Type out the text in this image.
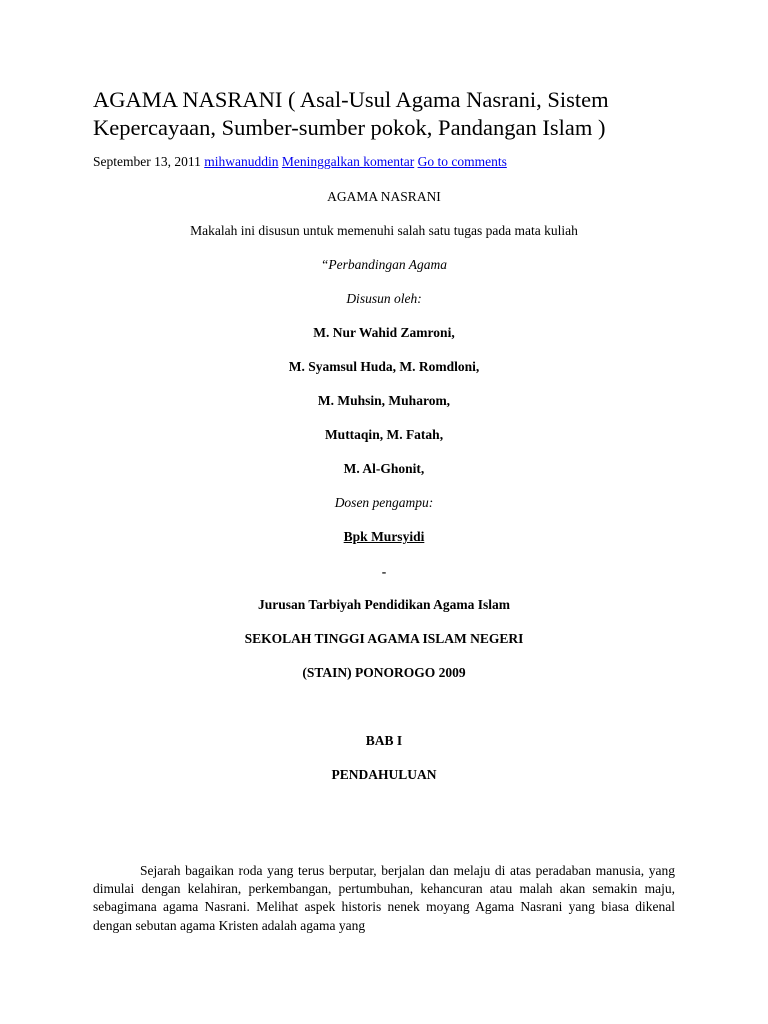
AGAMA NASRANI ( Asal-Usul Agama Nasrani, Sistem Kepercayaan, Sumber-sumber pokok, Pandangan Islam )
September 13, 2011 mihwanuddin Meninggalkan komentar Go to comments
AGAMA NASRANI
Makalah ini disusun untuk memenuhi salah satu tugas pada mata kuliah
“Perbandingan Agama
Disusun oleh:
M. Nur Wahid Zamroni,
M. Syamsul Huda, M. Romdloni,
M. Muhsin, Muharom,
Muttaqin, M. Fatah,
M. Al-Ghonit,
Dosen pengampu:
Bpk Mursyidi
-
Jurusan Tarbiyah Pendidikan Agama Islam
SEKOLAH TINGGI AGAMA ISLAM NEGERI
(STAIN) PONOROGO 2009
BAB I
PENDAHULUAN

Sejarah bagaikan roda yang terus berputar, berjalan dan melaju di atas peradaban manusia, yang dimulai dengan kelahiran, perkembangan, pertumbuhan, kehancuran atau malah akan semakin maju, sebagimana agama Nasrani. Melihat aspek historis nenek moyang Agama Nasrani yang biasa dikenal dengan sebutan agama Kristen adalah agama yang
